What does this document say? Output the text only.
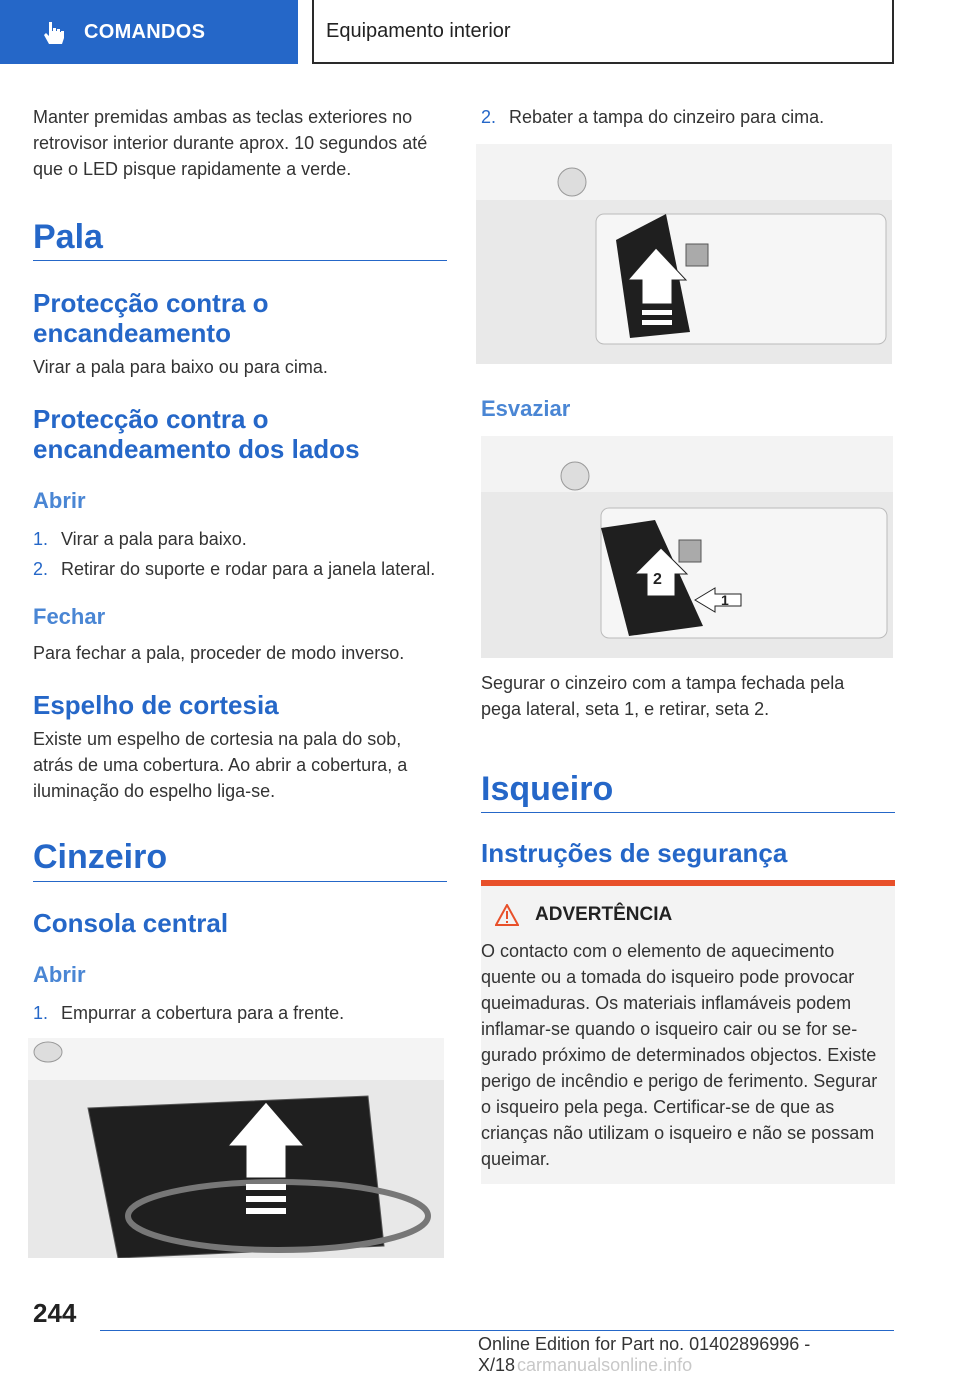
COMANDOS	Equipamento interior
Manter premidas ambas as teclas exteriores no retrovisor interior durante aprox. 10 segundos até que o LED pisque rapidamente a verde.
Pala
Protecção contra o
encandeamento
Virar a pala para baixo ou para cima.
Protecção contra o
encandeamento dos lados
Abrir
1. Virar a pala para baixo.
2. Retirar do suporte e rodar para a janela lateral.
Fechar
Para fechar a pala, proceder de modo inverso.
Espelho de cortesia
Existe um espelho de cortesia na pala do sob, atrás de uma cobertura. Ao abrir a cobertura, a iluminação do espelho liga-se.
Cinzeiro
Consola central
Abrir
1. Empurrar a cobertura para a frente.
2. Rebater a tampa do cinzeiro para cima.
Esvaziar
2
1
Segurar o cinzeiro com a tampa fechada pela pega lateral, seta 1, e retirar, seta 2.
Isqueiro
Instruções de segurança
ADVERTÊNCIA
O contacto com o elemento de aquecimento quente ou a tomada do isqueiro pode provocar queimaduras. Os materiais inflamáveis podem inflamar-se quando o isqueiro cair ou se for segurado próximo de determinados objectos. Existe perigo de incêndio e perigo de ferimento. Segurar o isqueiro pela pega. Certificar-se de que as crianças não utilizam o isqueiro e não se possam queimar.
244
Online Edition for Part no. 01402896996 - X/18 carmanualsonline.info
